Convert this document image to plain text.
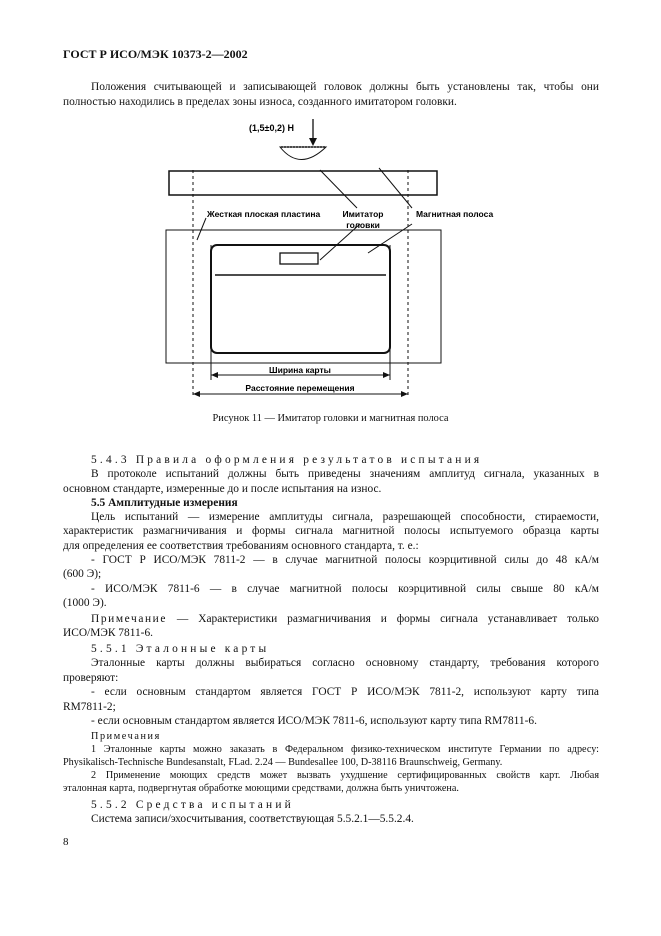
ГОСТ Р ИСО/МЭК 10373-2—2002
Положения считывающей и записывающей головок должны быть установлены так, чтобы они
полностью находились в пределах зоны износа, созданного имитатором головки.
(1,5±0,2) Н
Жесткая плоская пластина	Имитатор
головки
Магнитная полоса
Ширина карты
Расстояние перемещения
Рисунок 11 — Имитатор головки и магнитная полоса
5.4.3 Правила оформления результатов испытания
В протоколе испытаний должны быть приведены значениям амплитуд сигнала, указанных в
основном стандарте, измеренные до и после испытания на износ.
5.5 Амплитудные измерения
Цель испытаний — измерение амплитуды сигнала, разрешающей способности, стираемости,
характеристик размагничивания и формы сигнала магнитной полосы испытуемого образца карты
для определения ее соответствия требованиям основного стандарта, т. е.:
- ГОСТ Р ИСО/МЭК 7811-2 — в случае магнитной полосы коэрцитивной силы до 48 кА/м
(600 Э);
- ИСО/МЭК 7811-6 — в случае магнитной полосы коэрцитивной силы свыше 80 кА/м
(1000 Э).
Примечание — Характеристики размагничивания и формы сигнала устанавливает только
ИСО/МЭК 7811-6.
5.5.1 Эталонные карты
Эталонные карты должны выбираться согласно основному стандарту, требования которого
проверяют:
- если основным стандартом является ГОСТ Р ИСО/МЭК 7811-2, используют карту типа
RM7811-2;
- если основным стандартом является ИСО/МЭК 7811-6, используют карту типа RM7811-6.
Примечания
1 Эталонные карты можно заказать в Федеральном физико-техническом институте Германии по адресу:
Physikalisch-Technische Bundesanstalt, FLad. 2.24 — Bundesallee 100, D-38116 Braunschweig, Germany.
2 Применение моющих средств может вызвать ухудшение сертифицированных свойств карт. Любая
эталонная карта, подвергнутая обработке моющими средствами, должна быть уничтожена.
5.5.2 Средства испытаний
Система записи/эхосчитывания, соответствующая 5.5.2.1—5.5.2.4.
8
